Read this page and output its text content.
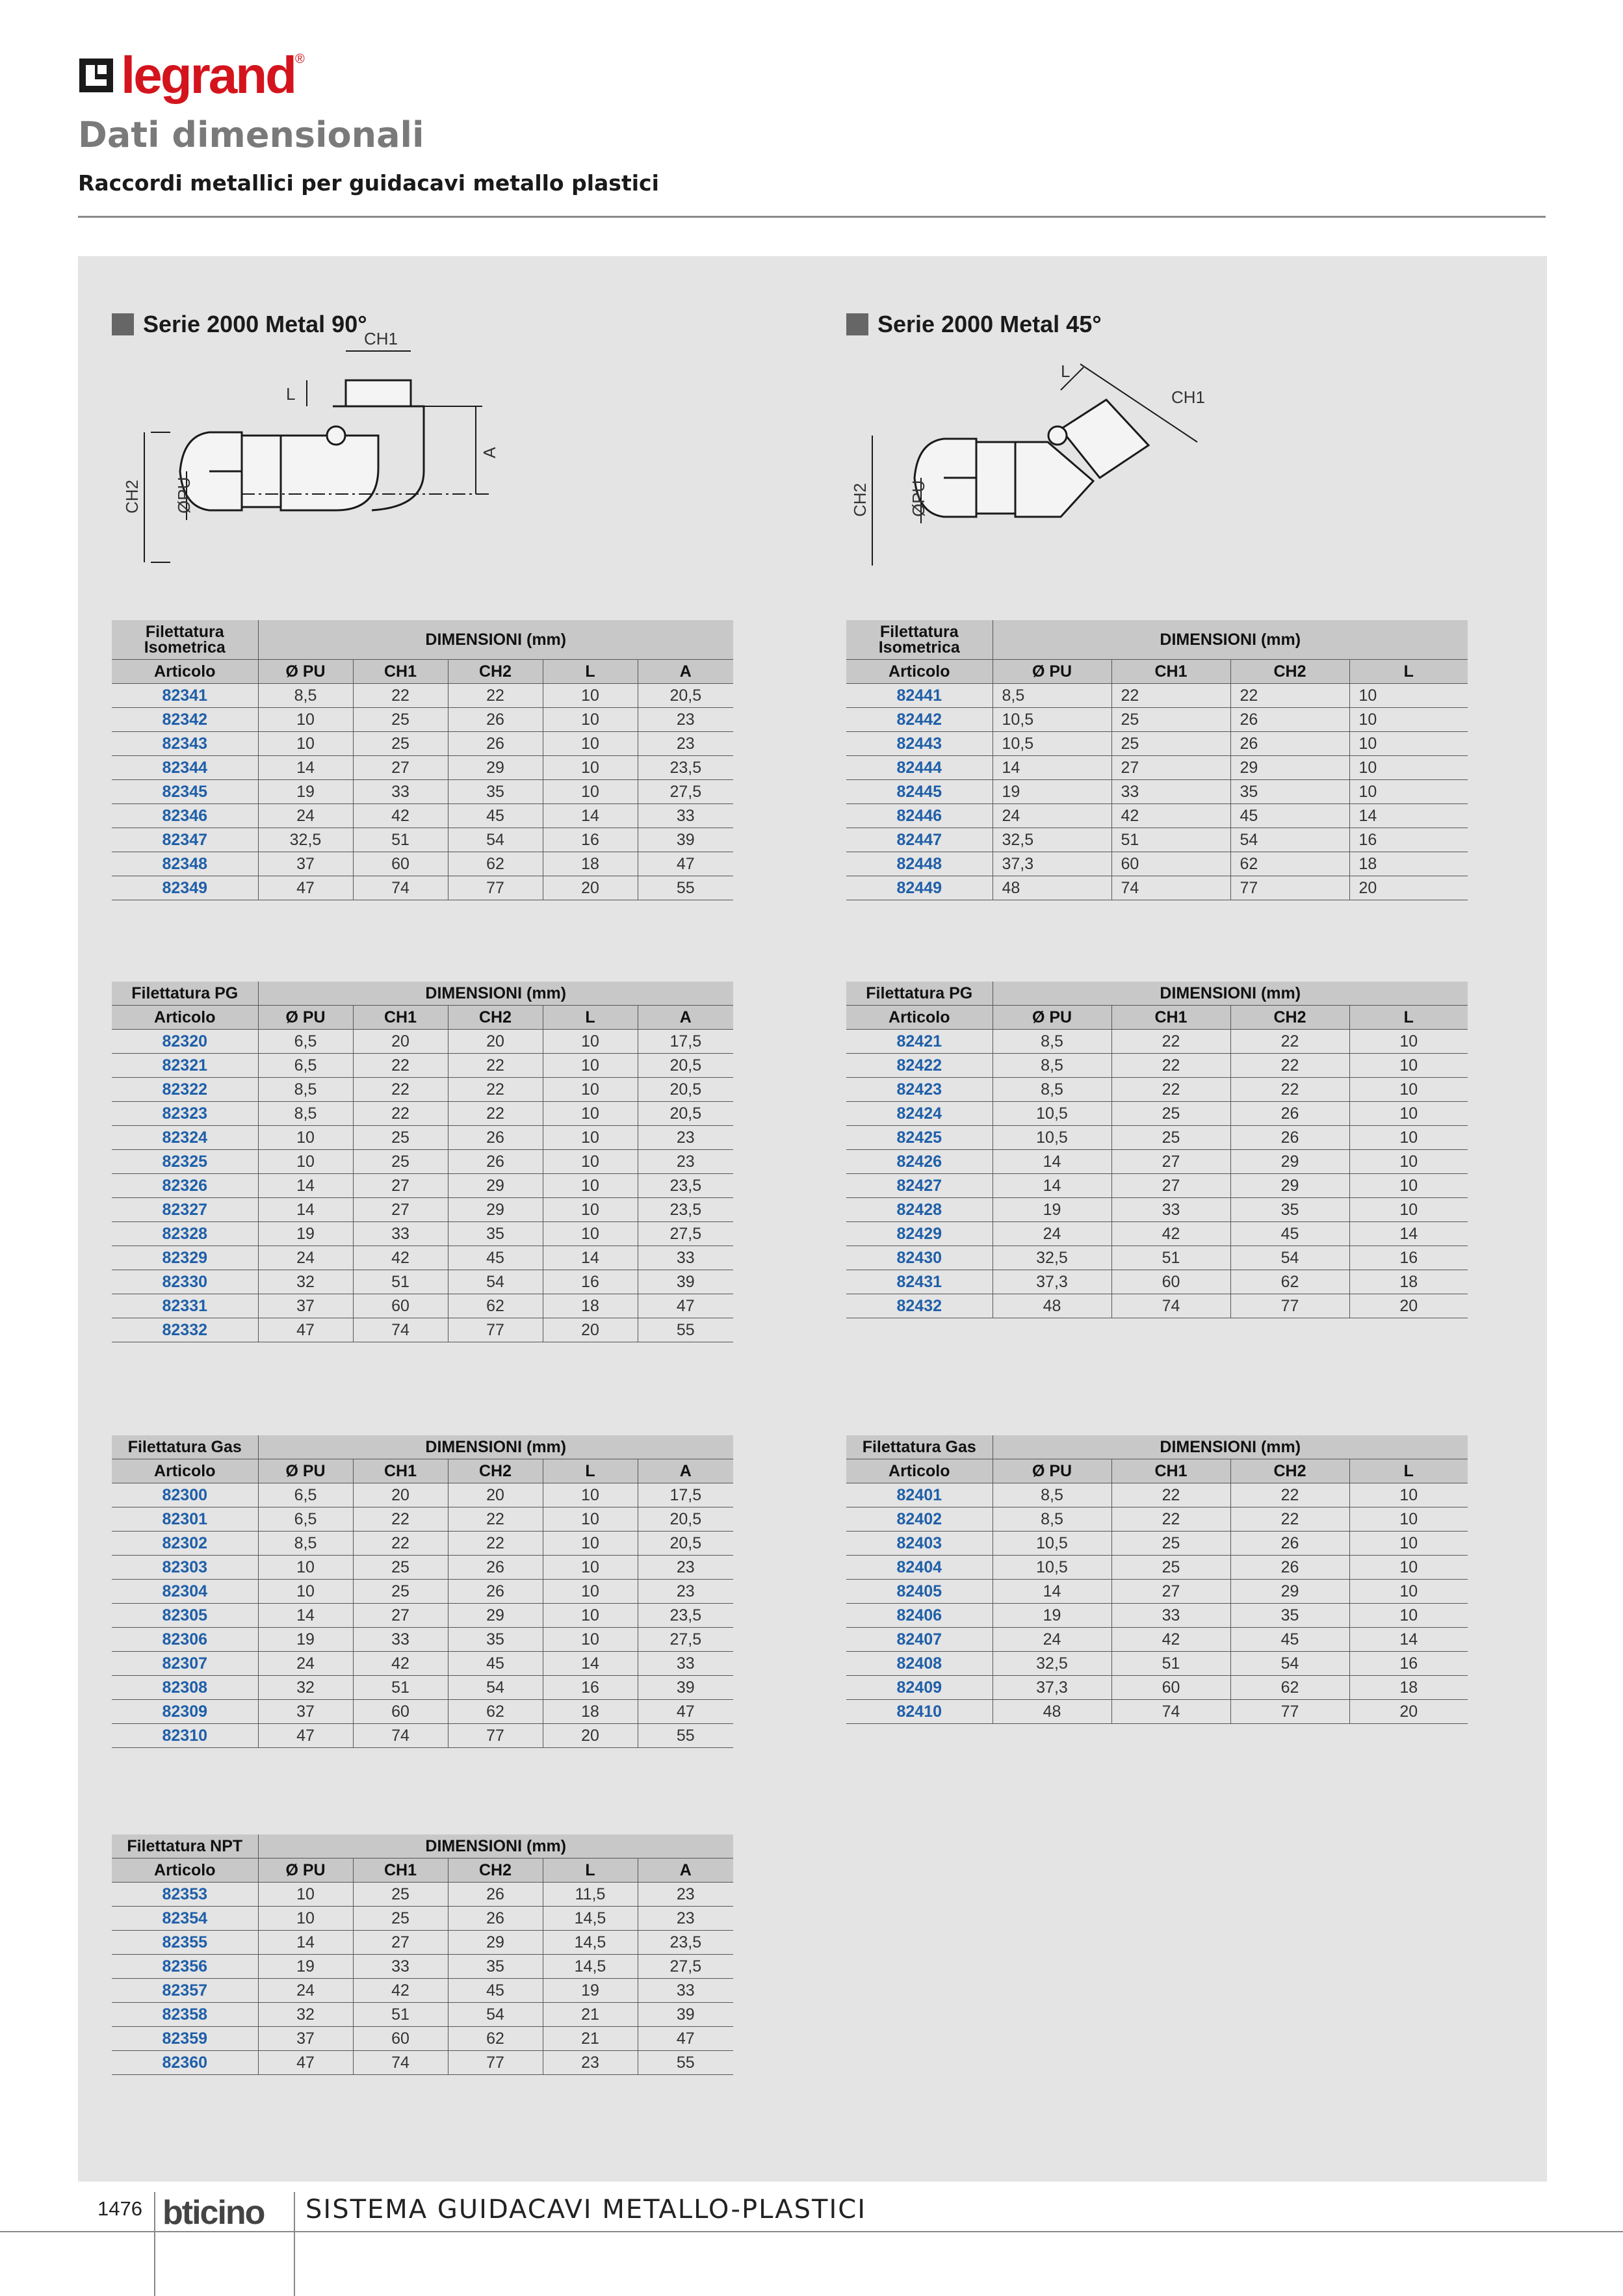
legrand ®
Dati dimensionali
Raccordi metallici per guidacavi metallo plastici
Serie 2000 Metal 90°	Serie 2000 Metal 45°
CH1
L
CH2 ØPU
A
CH1
L
CH2 ØPU
Filettatura Isometrica	DIMENSIONI (mm)				
Articolo	Ø PU	CH1	CH2	L	A
82341	8,5	22	22	10	20,5
82342	10	25	26	10	23
82343	10	25	26	10	23
82344	14	27	29	10	23,5
82345	19	33	35	10	27,5
82346	24	42	45	14	33
82347	32,5	51	54	16	39
82348	37	60	62	18	47
82349	47	74	77	20	55
Filettatura PG	DIMENSIONI (mm)				
Articolo	Ø PU	CH1	CH2	L	A
82320	6,5	20	20	10	17,5
82321	6,5	22	22	10	20,5
82322	8,5	22	22	10	20,5
82323	8,5	22	22	10	20,5
82324	10	25	26	10	23
82325	10	25	26	10	23
82326	14	27	29	10	23,5
82327	14	27	29	10	23,5
82328	19	33	35	10	27,5
82329	24	42	45	14	33
82330	32	51	54	16	39
82331	37	60	62	18	47
82332	47	74	77	20	55
Filettatura Gas	DIMENSIONI (mm)				
Articolo	Ø PU	CH1	CH2	L	A
82300	6,5	20	20	10	17,5
82301	6,5	22	22	10	20,5
82302	8,5	22	22	10	20,5
82303	10	25	26	10	23
82304	10	25	26	10	23
82305	14	27	29	10	23,5
82306	19	33	35	10	27,5
82307	24	42	45	14	33
82308	32	51	54	16	39
82309	37	60	62	18	47
82310	47	74	77	20	55
Filettatura NPT	DIMENSIONI (mm)				
Articolo	Ø PU	CH1	CH2	L	A
82353	10	25	26	11,5	23
82354	10	25	26	14,5	23
82355	14	27	29	14,5	23,5
82356	19	33	35	14,5	27,5
82357	24	42	45	19	33
82358	32	51	54	21	39
82359	37	60	62	21	47
82360	47	74	77	23	55
Filettatura Isometrica	DIMENSIONI (mm)			
Articolo	Ø PU	CH1	CH2	L
82441	8,5	22	22	10
82442	10,5	25	26	10
82443	10,5	25	26	10
82444	14	27	29	10
82445	19	33	35	10
82446	24	42	45	14
82447	32,5	51	54	16
82448	37,3	60	62	18
82449	48	74	77	20
Filettatura PG	DIMENSIONI (mm)			
Articolo	Ø PU	CH1	CH2	L
82421	8,5	22	22	10
82422	8,5	22	22	10
82423	8,5	22	22	10
82424	10,5	25	26	10
82425	10,5	25	26	10
82426	14	27	29	10
82427	14	27	29	10
82428	19	33	35	10
82429	24	42	45	14
82430	32,5	51	54	16
82431	37,3	60	62	18
82432	48	74	77	20
Filettatura Gas	DIMENSIONI (mm)			
Articolo	Ø PU	CH1	CH2	L
82401	8,5	22	22	10
82402	8,5	22	22	10
82403	10,5	25	26	10
82404	10,5	25	26	10
82405	14	27	29	10
82406	19	33	35	10
82407	24	42	45	14
82408	32,5	51	54	16
82409	37,3	60	62	18
82410	48	74	77	20
1476 bticino SISTEMA GUIDACAVI METALLO-PLASTICI
